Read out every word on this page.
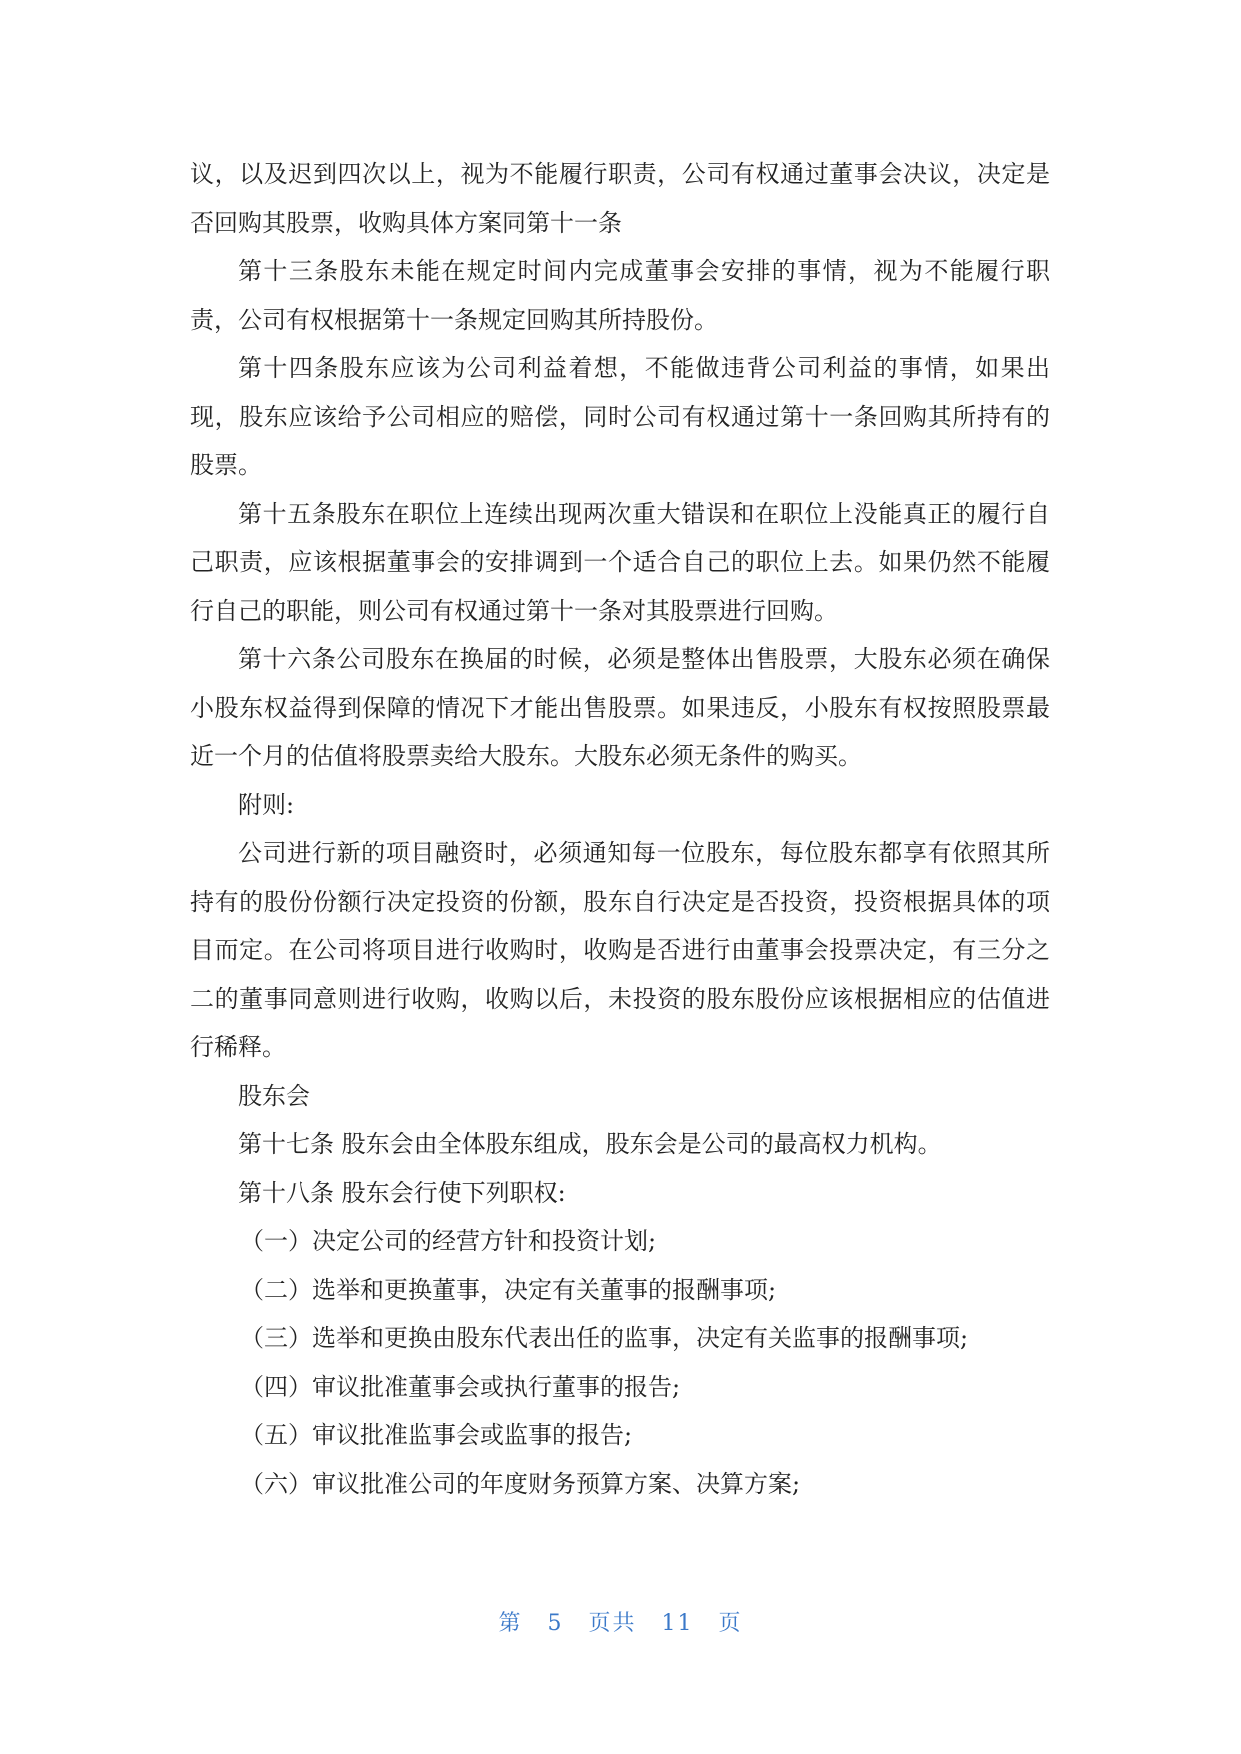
议，以及迟到四次以上，视为不能履行职责，公司有权通过董事会决议，决定是否回购其股票，收购具体方案同第十一条

第十三条股东未能在规定时间内完成董事会安排的事情，视为不能履行职责，公司有权根据第十一条规定回购其所持股份。

第十四条股东应该为公司利益着想，不能做违背公司利益的事情，如果出现，股东应该给予公司相应的赔偿，同时公司有权通过第十一条回购其所持有的股票。

第十五条股东在职位上连续出现两次重大错误和在职位上没能真正的履行自己职责，应该根据董事会的安排调到一个适合自己的职位上去。如果仍然不能履行自己的职能，则公司有权通过第十一条对其股票进行回购。

第十六条公司股东在换届的时候，必须是整体出售股票，大股东必须在确保小股东权益得到保障的情况下才能出售股票。如果违反，小股东有权按照股票最近一个月的估值将股票卖给大股东。大股东必须无条件的购买。

附则:

公司进行新的项目融资时，必须通知每一位股东，每位股东都享有依照其所持有的股份份额行决定投资的份额，股东自行决定是否投资，投资根据具体的项目而定。在公司将项目进行收购时，收购是否进行由董事会投票决定，有三分之二的董事同意则进行收购，收购以后，未投资的股东股份应该根据相应的估值进行稀释。

股东会

第十七条 股东会由全体股东组成，股东会是公司的最高权力机构。

第十八条 股东会行使下列职权:

（一）决定公司的经营方针和投资计划;

（二）选举和更换董事，决定有关董事的报酬事项;

（三）选举和更换由股东代表出任的监事，决定有关监事的报酬事项;

（四）审议批准董事会或执行董事的报告;

（五）审议批准监事会或监事的报告;

（六）审议批准公司的年度财务预算方案、决算方案;

第 5 页共 11 页
